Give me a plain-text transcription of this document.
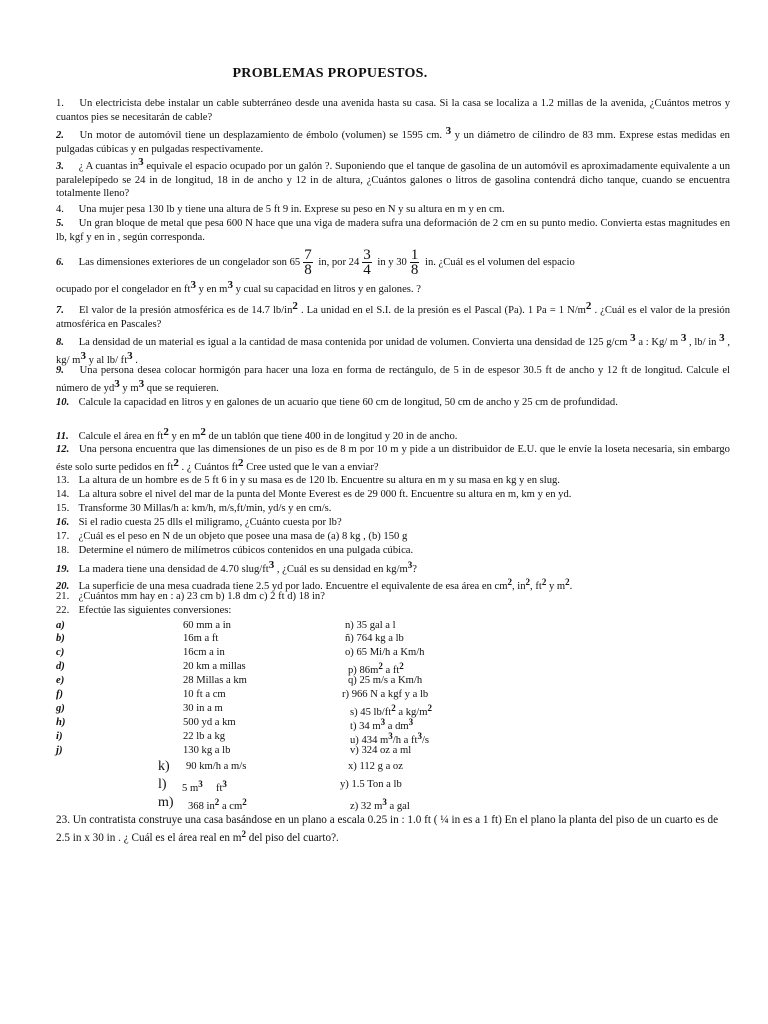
PROBLEMAS PROPUESTOS.
1. Un electricista debe instalar un cable subterráneo desde una avenida hasta su casa. Si la casa se localiza a 1.2 millas de la avenida, ¿Cuántos metros y cuantos pies se necesitarán de cable?
2. Un motor de automóvil tiene un desplazamiento de émbolo (volumen) se 1595 cm. 3 y un diámetro de cilindro de 83 mm. Exprese estas medidas en pulgadas cúbicas y en pulgadas respectivamente.
3. ¿ A cuantas in3 equivale el espacio ocupado por un galón ?. Suponiendo que el tanque de gasolina de un automóvil es aproximadamente equivalente a un paralelepípedo se 24 in de longitud, 18 in de ancho y 12 in de altura, ¿Cuántos galones o litros de gasolina contendrá dicho tanque, cuando se encuentra totalmente lleno?
4. Una mujer pesa 130 lb y tiene una altura de 5 ft 9 in. Exprese su peso en N y su altura en m y en cm.
5. Un gran bloque de metal que pesa 600 N hace que una viga de madera sufra una deformación de 2 cm en su punto medio. Convierta estas magnitudes en lb, kgf y en in , según corresponda.
6. Las dimensiones exteriores de un congelador son $65 \frac{7}{8}$ in, por $24 \frac{3}{4}$ in y $30 \frac{1}{8}$ in. ¿Cuál es el volumen del espacio
ocupado por el congelador en ft3 y en m3 y cual su capacidad en litros y en galones. ?
7. El valor de la presión atmosférica es de 14.7 lb/in2 . La unidad en el S.I. de la presión es el Pascal (Pa). 1 Pa = 1 N/m2 . ¿Cuál es el valor de la presión atmosférica en Pascales?
8. La densidad de un material es igual a la cantidad de masa contenida por unidad de volumen. Convierta una densidad de 125 g/cm 3 a : Kg/ m 3 , lb/ in 3 , kg/ m3 y al lb/ ft3 .
9. Una persona desea colocar hormigón para hacer una loza en forma de rectángulo, de 5 in de espesor 30.5 ft de ancho y 12 ft de longitud. Calcule el número de yd3 y m3 que se requieren.
10. Calcule la capacidad en litros y en galones de un acuario que tiene 60 cm de longitud, 50 cm de ancho y 25 cm de profundidad.
11. Calcule el área en ft2 y en m2 de un tablón que tiene 400 in de longitud y 20 in de ancho.
12. Una persona encuentra que las dimensiones de un piso es de 8 m por 10 m y pide a un distribuidor de E.U. que le envíe la loseta necesaria, sin embargo éste solo surte pedidos en ft2 . ¿ Cuántos ft2 Cree usted que le van a enviar?
13. La altura de un hombre es de 5 ft 6 in y su masa es de 120 lb. Encuentre su altura en m y su masa en kg y en slug.
14. La altura sobre el nivel del mar de la punta del Monte Everest es de 29 000 ft. Encuentre su altura en m, km y en yd.
15. Transforme 30 Millas/h a: km/h, m/s,ft/min, yd/s y en cm/s.
16. Si el radio cuesta 25 dlls el miligramo, ¿Cuánto cuesta por lb?
17. ¿Cuál es el peso en N de un objeto que posee una masa de (a) 8 kg , (b) 150 g
18. Determine el número de milímetros cúbicos contenidos en una pulgada cúbica.
19. La madera tiene una densidad de 4.70 slug/ft3 , ¿Cuál es su densidad en $kg/m^3$?
20. La superficie de una mesa cuadrada tiene 2.5 yd por lado. Encuentre el equivalente de esa área en $cm^2$, $in^2$, $ft^2$ y $m^2$.
21. ¿Cuántos mm hay en : a) 23 cm b) 1.8 dm c) 2 ft d) 18 in?
22. Efectúe las siguientes conversiones:
a)	60 mm a in	n) 35 gal a l
b)	16m a ft	ñ) 764 kg a lb
c)	16cm a in	o) 65 Mi/h a Km/h
d)	20 km a millas	p) $86m^2$ a $ft^2$
e)	28 Millas a km	q) 25 m/s a Km/h
f)	10 ft a cm	r) 966 N a kgf y a lb
g)	30 in a m	s) 45 $lb/ft^2$ a $kg/m^2$
h)	500 yd a km	t) 34 $m^3$ a $dm^3$
i)	22 lb a kg	u) 434 $m^3/h$ a $ft^3/s$
j)	130 kg a lb	v) 324 oz a ml
k) 90 km/h a m/s	x) 112 g a oz
l) 5 $m^3$ $ft^3$	y) 1.5 Ton a lb
m) 368 $in^2$ a $cm^2$	z) 32 $m^3$ a gal
23. Un contratista construye una casa basándose en un plano a escala 0.25 in : 1.0 ft ( ¼ in es a 1 ft) En el plano la planta del piso de un cuarto es de 2.5 in x 30 in . ¿ Cuál es el área real en $m^2$ del piso del cuarto?.
